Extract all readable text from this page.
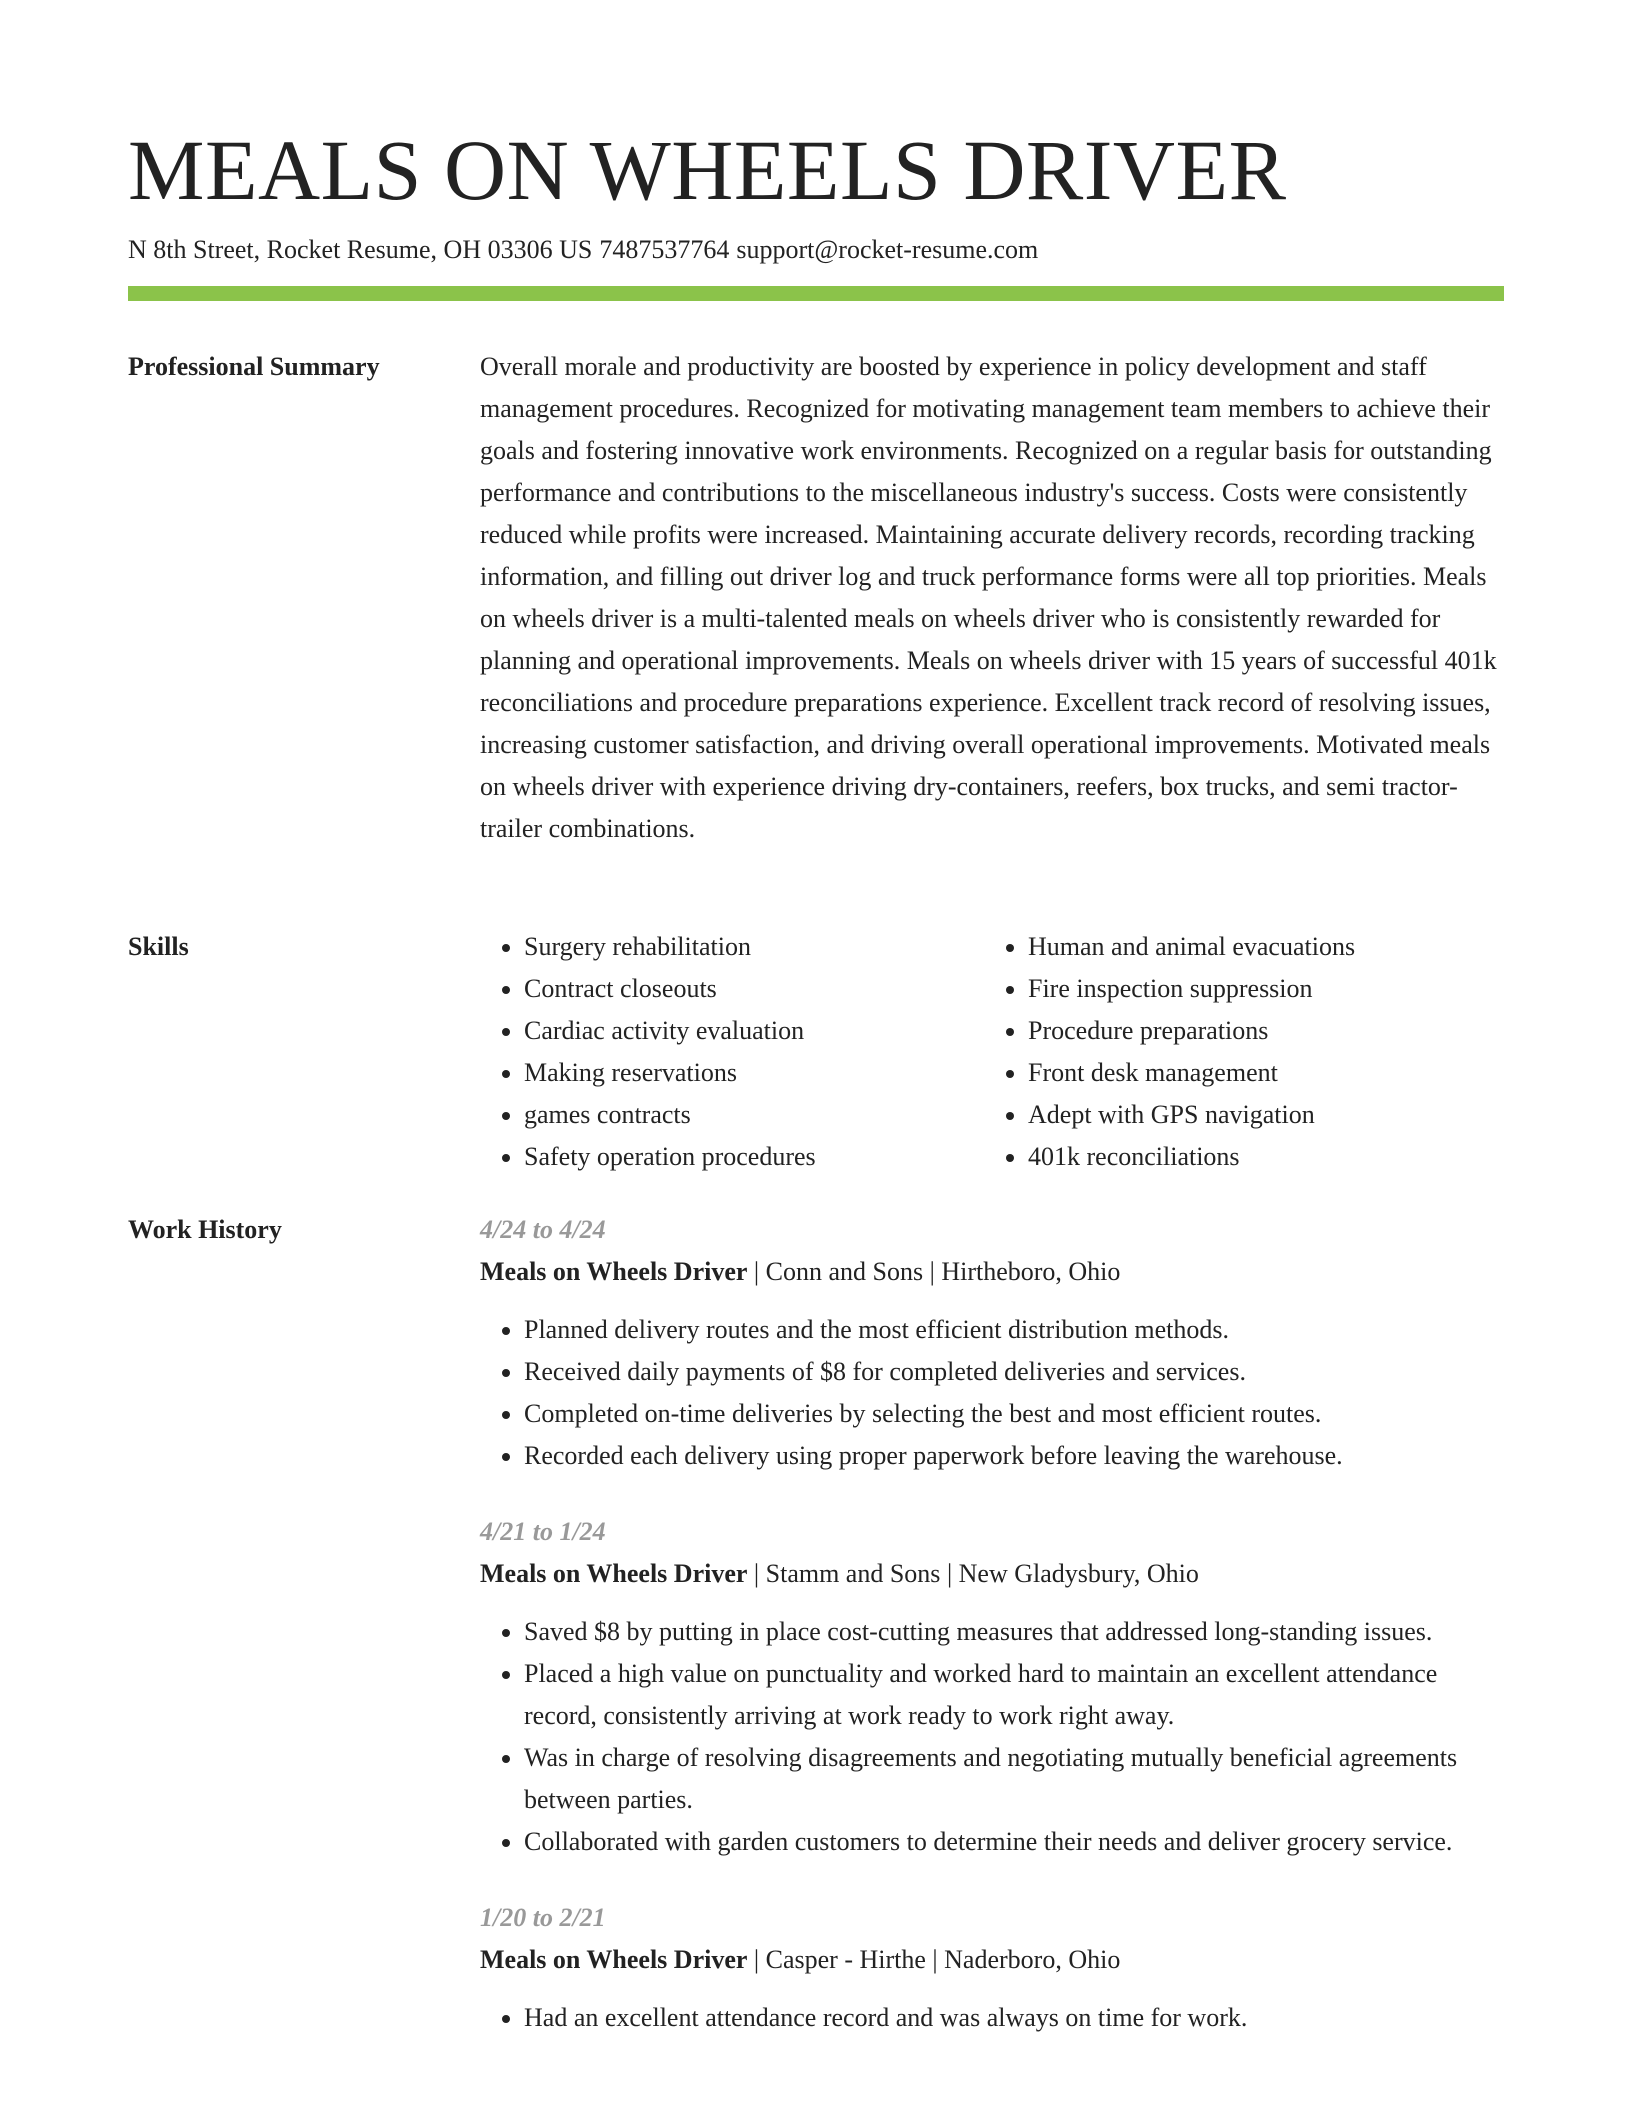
MEALS ON WHEELS DRIVER
N 8th Street, Rocket Resume, OH 03306 US 7487537764 support@rocket-resume.com
Professional Summary	Overall morale and productivity are boosted by experience in policy development and staff management procedures. Recognized for motivating management team members to achieve their goals and fostering innovative work environments. Recognized on a regular basis for outstanding performance and contributions to the miscellaneous industry's success. Costs were consistently reduced while profits were increased. Maintaining accurate delivery records, recording tracking information, and filling out driver log and truck performance forms were all top priorities. Meals on wheels driver is a multi-talented meals on wheels driver who is consistently rewarded for planning and operational improvements. Meals on wheels driver with 15 years of successful 401k reconciliations and procedure preparations experience. Excellent track record of resolving issues, increasing customer satisfaction, and driving overall operational improvements. Motivated meals on wheels driver with experience driving dry-containers, reefers, box trucks, and semi tractor-trailer combinations.

Skills
•	Surgery rehabilitation
• Contract closeouts
• Cardiac activity evaluation
• Making reservations
• games contracts
• Safety operation procedures
• Human and animal evacuations
• Fire inspection suppression
• Procedure preparations
• Front desk management
• Adept with GPS navigation
• 401k reconciliations
Work History	4/24 to 4/24
Meals on Wheels Driver | Conn and Sons | Hirtheboro, Ohio
• Planned delivery routes and the most efficient distribution methods.
• Received daily payments of $8 for completed deliveries and services.
• Completed on-time deliveries by selecting the best and most efficient routes.
• Recorded each delivery using proper paperwork before leaving the warehouse.
4/21 to 1/24
Meals on Wheels Driver | Stamm and Sons | New Gladysbury, Ohio
• Saved $8 by putting in place cost-cutting measures that addressed long-standing issues.
• Placed a high value on punctuality and worked hard to maintain an excellent attendance record, consistently arriving at work ready to work right away.
• Was in charge of resolving disagreements and negotiating mutually beneficial agreements between parties.
• Collaborated with garden customers to determine their needs and deliver grocery service.
1/20 to 2/21
Meals on Wheels Driver | Casper - Hirthe | Naderboro, Ohio
• Had an excellent attendance record and was always on time for work.
